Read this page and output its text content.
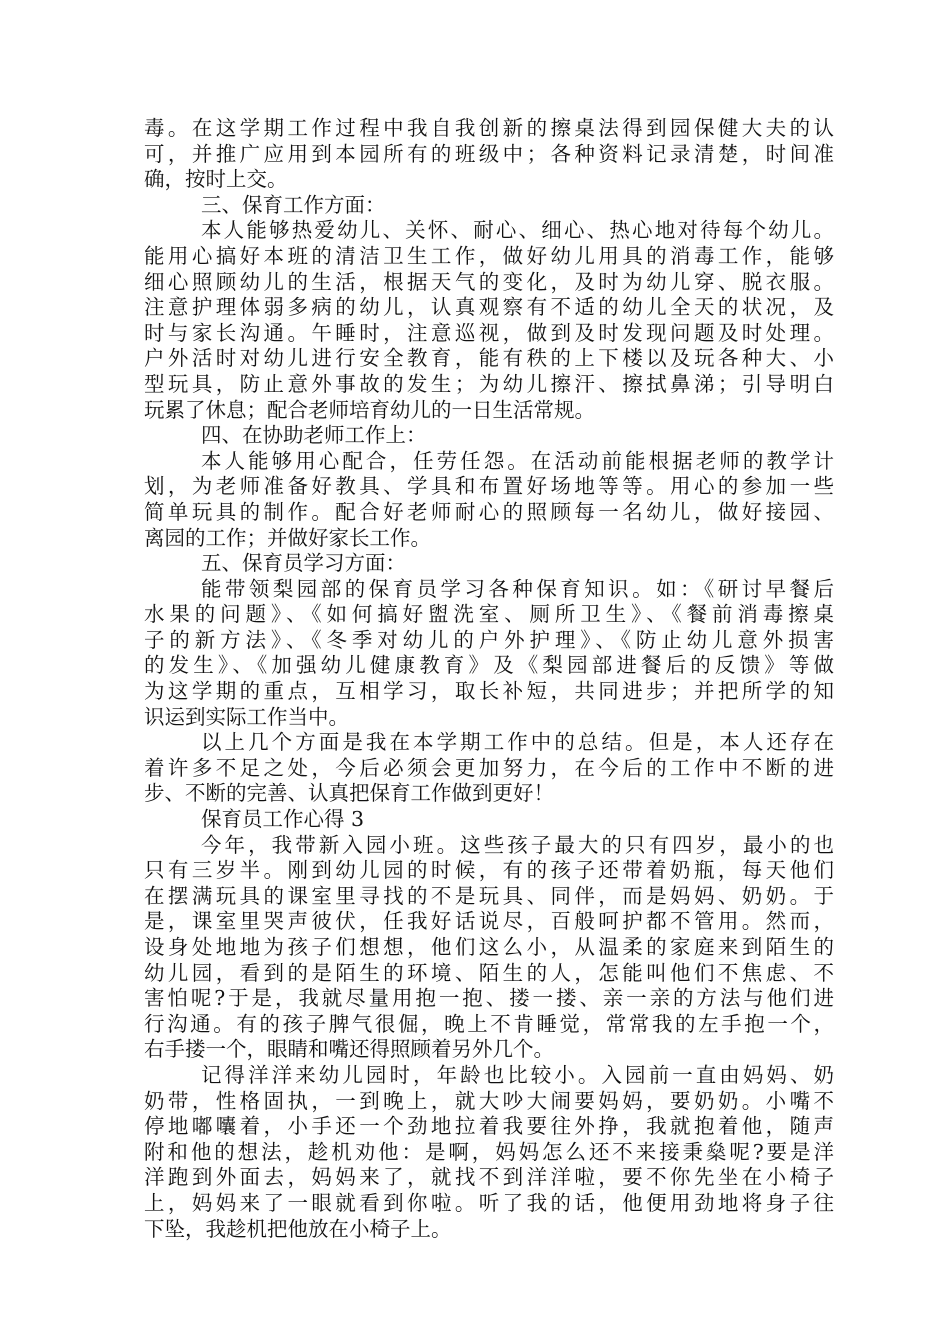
毒。在这学期工作过程中我自我创新的擦桌法得到园保健大夫的认
可，并推广应用到本园所有的班级中；各种资料记录清楚，时间准
确，按时上交。
三、保育工作方面：
本人能够热爱幼儿、关怀、耐心、细心、热心地对待每个幼儿。
能用心搞好本班的清洁卫生工作，做好幼儿用具的消毒工作，能够
细心照顾幼儿的生活，根据天气的变化，及时为幼儿穿、脱衣服。
注意护理体弱多病的幼儿，认真观察有不适的幼儿全天的状况，及
时与家长沟通。午睡时，注意巡视，做到及时发现问题及时处理。
户外活时对幼儿进行安全教育，能有秩的上下楼以及玩各种大、小
型玩具，防止意外事故的发生；为幼儿擦汗、擦拭鼻涕；引导明白
玩累了休息；配合老师培育幼儿的一日生活常规。
四、在协助老师工作上：
本人能够用心配合，任劳任怨。在活动前能根据老师的教学计
划，为老师准备好教具、学具和布置好场地等等。用心的参加一些
简单玩具的制作。配合好老师耐心的照顾每一名幼儿，做好接园、
离园的工作；并做好家长工作。
五、保育员学习方面：
能带领梨园部的保育员学习各种保育知识。如：《研讨早餐后
水果的问题》、《如何搞好盥洗室、厕所卫生》、《餐前消毒擦桌
子的新方法》、《冬季对幼儿的户外护理》、《防止幼儿意外损害
的发生》、《加强幼儿健康教育》及《梨园部进餐后的反馈》等做
为这学期的重点，互相学习，取长补短，共同进步；并把所学的知
识运到实际工作当中。
以上几个方面是我在本学期工作中的总结。但是，本人还存在
着许多不足之处，今后必须会更加努力，在今后的工作中不断的进
步、不断的完善、认真把保育工作做到更好！
保育员工作心得 3
今年，我带新入园小班。这些孩子最大的只有四岁，最小的也
只有三岁半。刚到幼儿园的时候，有的孩子还带着奶瓶，每天他们
在摆满玩具的课室里寻找的不是玩具、同伴，而是妈妈、奶奶。于
是，课室里哭声彼伏，任我好话说尽，百般呵护都不管用。然而，
设身处地地为孩子们想想，他们这么小，从温柔的家庭来到陌生的
幼儿园，看到的是陌生的环境、陌生的人，怎能叫他们不焦虑、不
害怕呢?于是，我就尽量用抱一抱、搂一搂、亲一亲的方法与他们进
行沟通。有的孩子脾气很倔，晚上不肯睡觉，常常我的左手抱一个，
右手搂一个，眼睛和嘴还得照顾着另外几个。
记得洋洋来幼儿园时，年龄也比较小。入园前一直由妈妈、奶
奶带，性格固执，一到晚上，就大吵大闹要妈妈，要奶奶。小嘴不
停地嘟囔着，小手还一个劲地拉着我要往外挣，我就抱着他，随声
附和他的想法，趁机劝他：是啊，妈妈怎么还不来接秉燊呢?要是洋
洋跑到外面去，妈妈来了，就找不到洋洋啦，要不你先坐在小椅子
上，妈妈来了一眼就看到你啦。听了我的话，他便用劲地将身子往
下坠，我趁机把他放在小椅子上。
